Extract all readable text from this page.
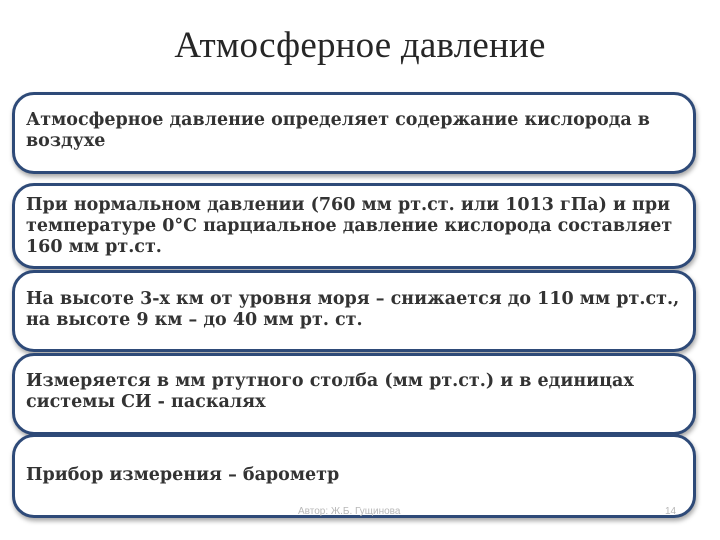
Атмосферное давление
Атмосферное давление определяет содержание кислорода в воздухе
При нормальном давлении (760 мм рт.ст. или 1013 гПа) и при температуре 0°С парциальное давление кислорода составляет 160 мм рт.ст.
На высоте 3-х км от уровня моря – снижается до 110 мм рт.ст., на высоте 9 км – до 40 мм рт. ст.
Измеряется в мм ртутного столба (мм рт.ст.) и в единицах системы СИ - паскалях
Прибор измерения – барометр
Автор: Ж.Б. Гущинова	14
